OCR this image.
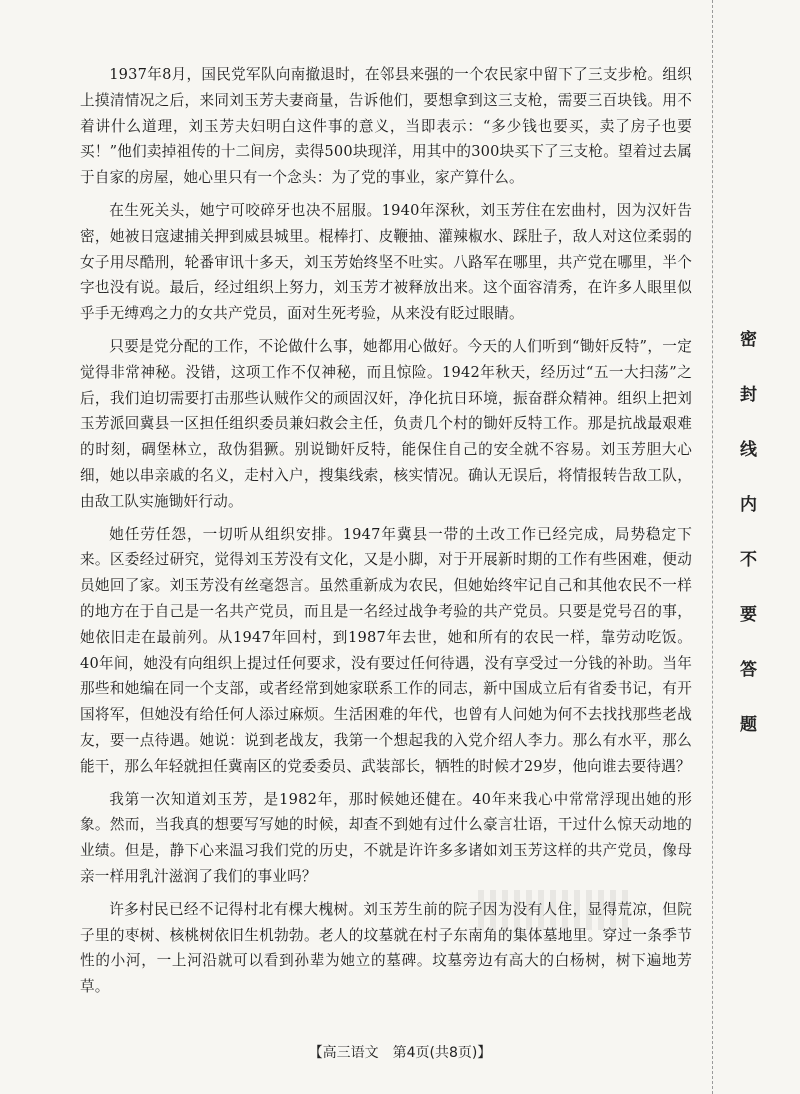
1937年8月，国民党军队向南撤退时，在邻县来强的一个农民家中留下了三支步枪。组织上摸清情况之后，来同刘玉芳夫妻商量，告诉他们，要想拿到这三支枪，需要三百块钱。用不着讲什么道理，刘玉芳夫妇明白这件事的意义，当即表示：“多少钱也要买，卖了房子也要买！”他们卖掉祖传的十二间房，卖得500块现洋，用其中的300块买下了三支枪。望着过去属于自家的房屋，她心里只有一个念头：为了党的事业，家产算什么。

在生死关头，她宁可咬碎牙也决不屈服。1940年深秋，刘玉芳住在宏曲村，因为汉奸告密，她被日寇逮捕关押到威县城里。棍棒打、皮鞭抽、灌辣椒水、踩肚子，敌人对这位柔弱的女子用尽酷刑，轮番审讯十多天，刘玉芳始终坚不吐实。八路军在哪里，共产党在哪里，半个字也没有说。最后，经过组织上努力，刘玉芳才被释放出来。这个面容清秀，在许多人眼里似乎手无缚鸡之力的女共产党员，面对生死考验，从来没有眨过眼睛。

只要是党分配的工作，不论做什么事，她都用心做好。今天的人们听到“锄奸反特”，一定觉得非常神秘。没错，这项工作不仅神秘，而且惊险。1942年秋天，经历过“五一大扫荡”之后，我们迫切需要打击那些认贼作父的顽固汉奸，净化抗日环境，振奋群众精神。组织上把刘玉芳派回冀县一区担任组织委员兼妇救会主任，负责几个村的锄奸反特工作。那是抗战最艰难的时刻，碉堡林立，敌伪猖獗。别说锄奸反特，能保住自己的安全就不容易。刘玉芳胆大心细，她以串亲戚的名义，走村入户，搜集线索，核实情况。确认无误后，将情报转告敌工队，由敌工队实施锄奸行动。

她任劳任怨，一切听从组织安排。1947年冀县一带的土改工作已经完成，局势稳定下来。区委经过研究，觉得刘玉芳没有文化，又是小脚，对于开展新时期的工作有些困难，便动员她回了家。刘玉芳没有丝毫怨言。虽然重新成为农民，但她始终牢记自己和其他农民不一样的地方在于自己是一名共产党员，而且是一名经过战争考验的共产党员。只要是党号召的事，她依旧走在最前列。从1947年回村，到1987年去世，她和所有的农民一样，靠劳动吃饭。40年间，她没有向组织上提过任何要求，没有要过任何待遇，没有享受过一分钱的补助。当年那些和她编在同一个支部，或者经常到她家联系工作的同志，新中国成立后有省委书记，有开国将军，但她没有给任何人添过麻烦。生活困难的年代，也曾有人问她为何不去找找那些老战友，要一点待遇。她说：说到老战友，我第一个想起我的入党介绍人李力。那么有水平，那么能干，那么年轻就担任冀南区的党委委员、武装部长，牺牲的时候才29岁，他向谁去要待遇？

我第一次知道刘玉芳，是1982年，那时候她还健在。40年来我心中常常浮现出她的形象。然而，当我真的想要写写她的时候，却查不到她有过什么豪言壮语，干过什么惊天动地的业绩。但是，静下心来温习我们党的历史，不就是许许多多诸如刘玉芳这样的共产党员，像母亲一样用乳汁滋润了我们的事业吗？

许多村民已经不记得村北有棵大槐树。刘玉芳生前的院子因为没有人住，显得荒凉，但院子里的枣树、核桃树依旧生机勃勃。老人的坟墓就在村子东南角的集体墓地里。穿过一条季节性的小河，一上河沿就可以看到孙辈为她立的墓碑。坟墓旁边有高大的白杨树，树下遍地芳草。

密封线内不要答题
【高三语文　第4页(共8页)】
